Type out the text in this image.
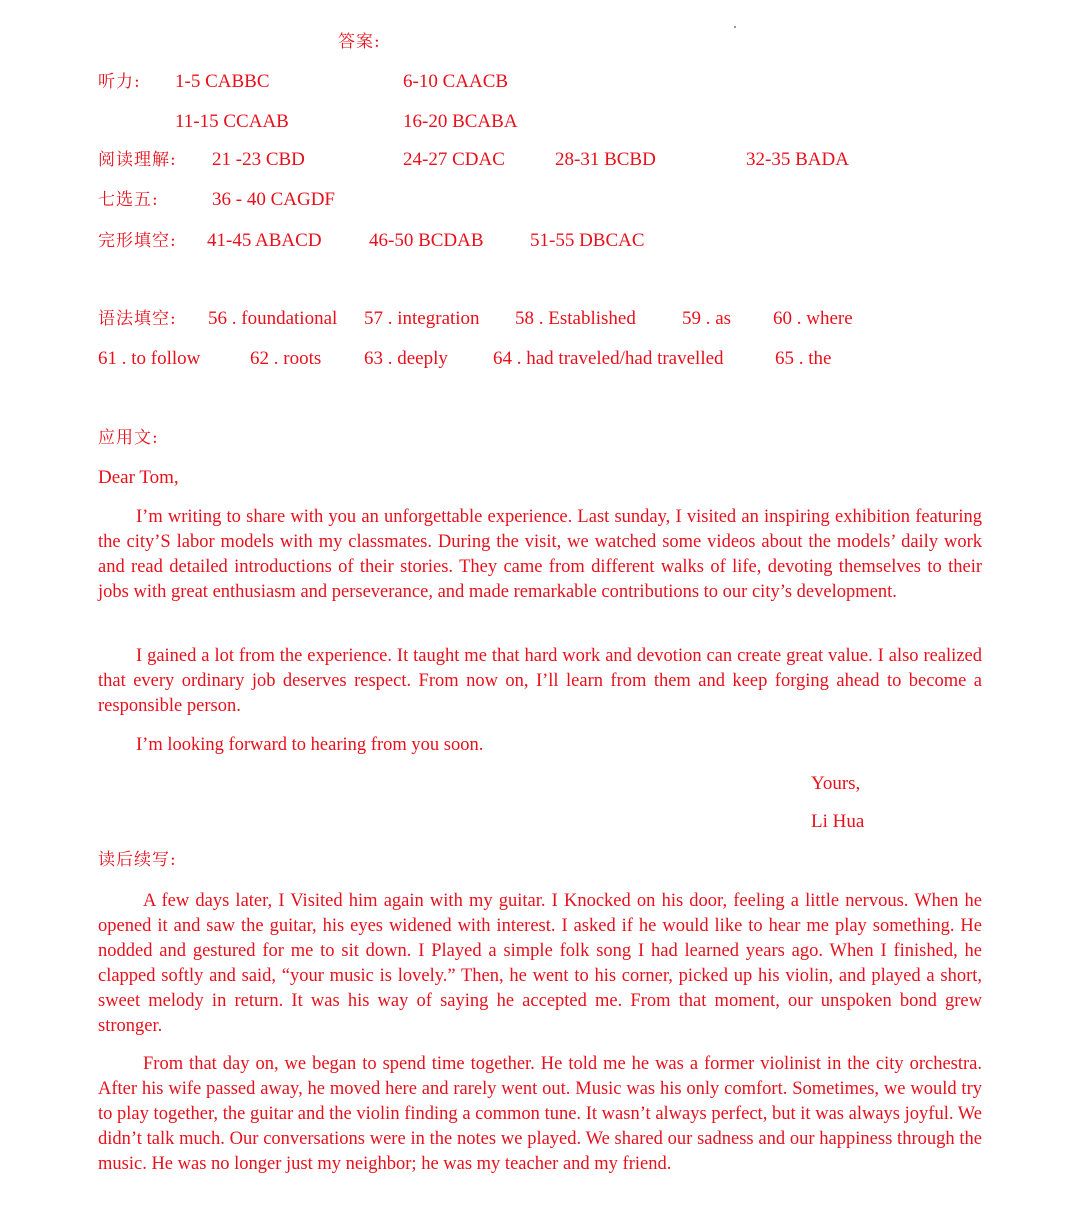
答案:
听力: 1-5 CABBC	6-10 CAACB
11-15 CCAAB	16-20 BCABA
阅读理解: 21 -23 CBD	24-27 CDAC	28-31 BCBD	32-35 BADA
七选五:	36 - 40 CAGDF
完形填空: 41-45 ABACD 46-50 BCDAB 51-55 DBCAC
语法填空: 56 . foundational 57 . integration 58 . Established 59 . as 60 . where
61 . to follow	62 . roots 63 . deeply 64 . had traveled/had travelled	65 . the
应用文:
Dear Tom,
I’m writing to share with you an unforgettable experience. Last sunday, I visited an inspiring exhibition featuring the city’S labor models with my classmates. During the visit, we watched some videos about the models’ daily work and read detailed introductions of their stories. They came from different walks of life, devoting themselves to their jobs with great enthusiasm and perseverance, and made remarkable contributions to our city’s development.
I gained a lot from the experience. It taught me that hard work and devotion can create great value. I also realized that every ordinary job deserves respect. From now on, I’ll learn from them and keep forging ahead to become a responsible person.
I’m looking forward to hearing from you soon.
Yours,
Li Hua
读后续写:
A few days later, I Visited him again with my guitar. I Knocked on his door, feeling a little nervous. When he opened it and saw the guitar, his eyes widened with interest. I asked if he would like to hear me play something. He nodded and gestured for me to sit down. I Played a simple folk song I had learned years ago. When I finished, he clapped softly and said, “your music is lovely.” Then, he went to his corner, picked up his violin, and played a short, sweet melody in return. It was his way of saying he accepted me. From that moment, our unspoken bond grew stronger.
From that day on, we began to spend time together. He told me he was a former violinist in the city orchestra. After his wife passed away, he moved here and rarely went out. Music was his only comfort. Sometimes, we would try to play together, the guitar and the violin finding a common tune. It wasn’t always perfect, but it was always joyful. We didn’t talk much. Our conversations were in the notes we played. We shared our sadness and our happiness through the music. He was no longer just my neighbor; he was my teacher and my friend.
